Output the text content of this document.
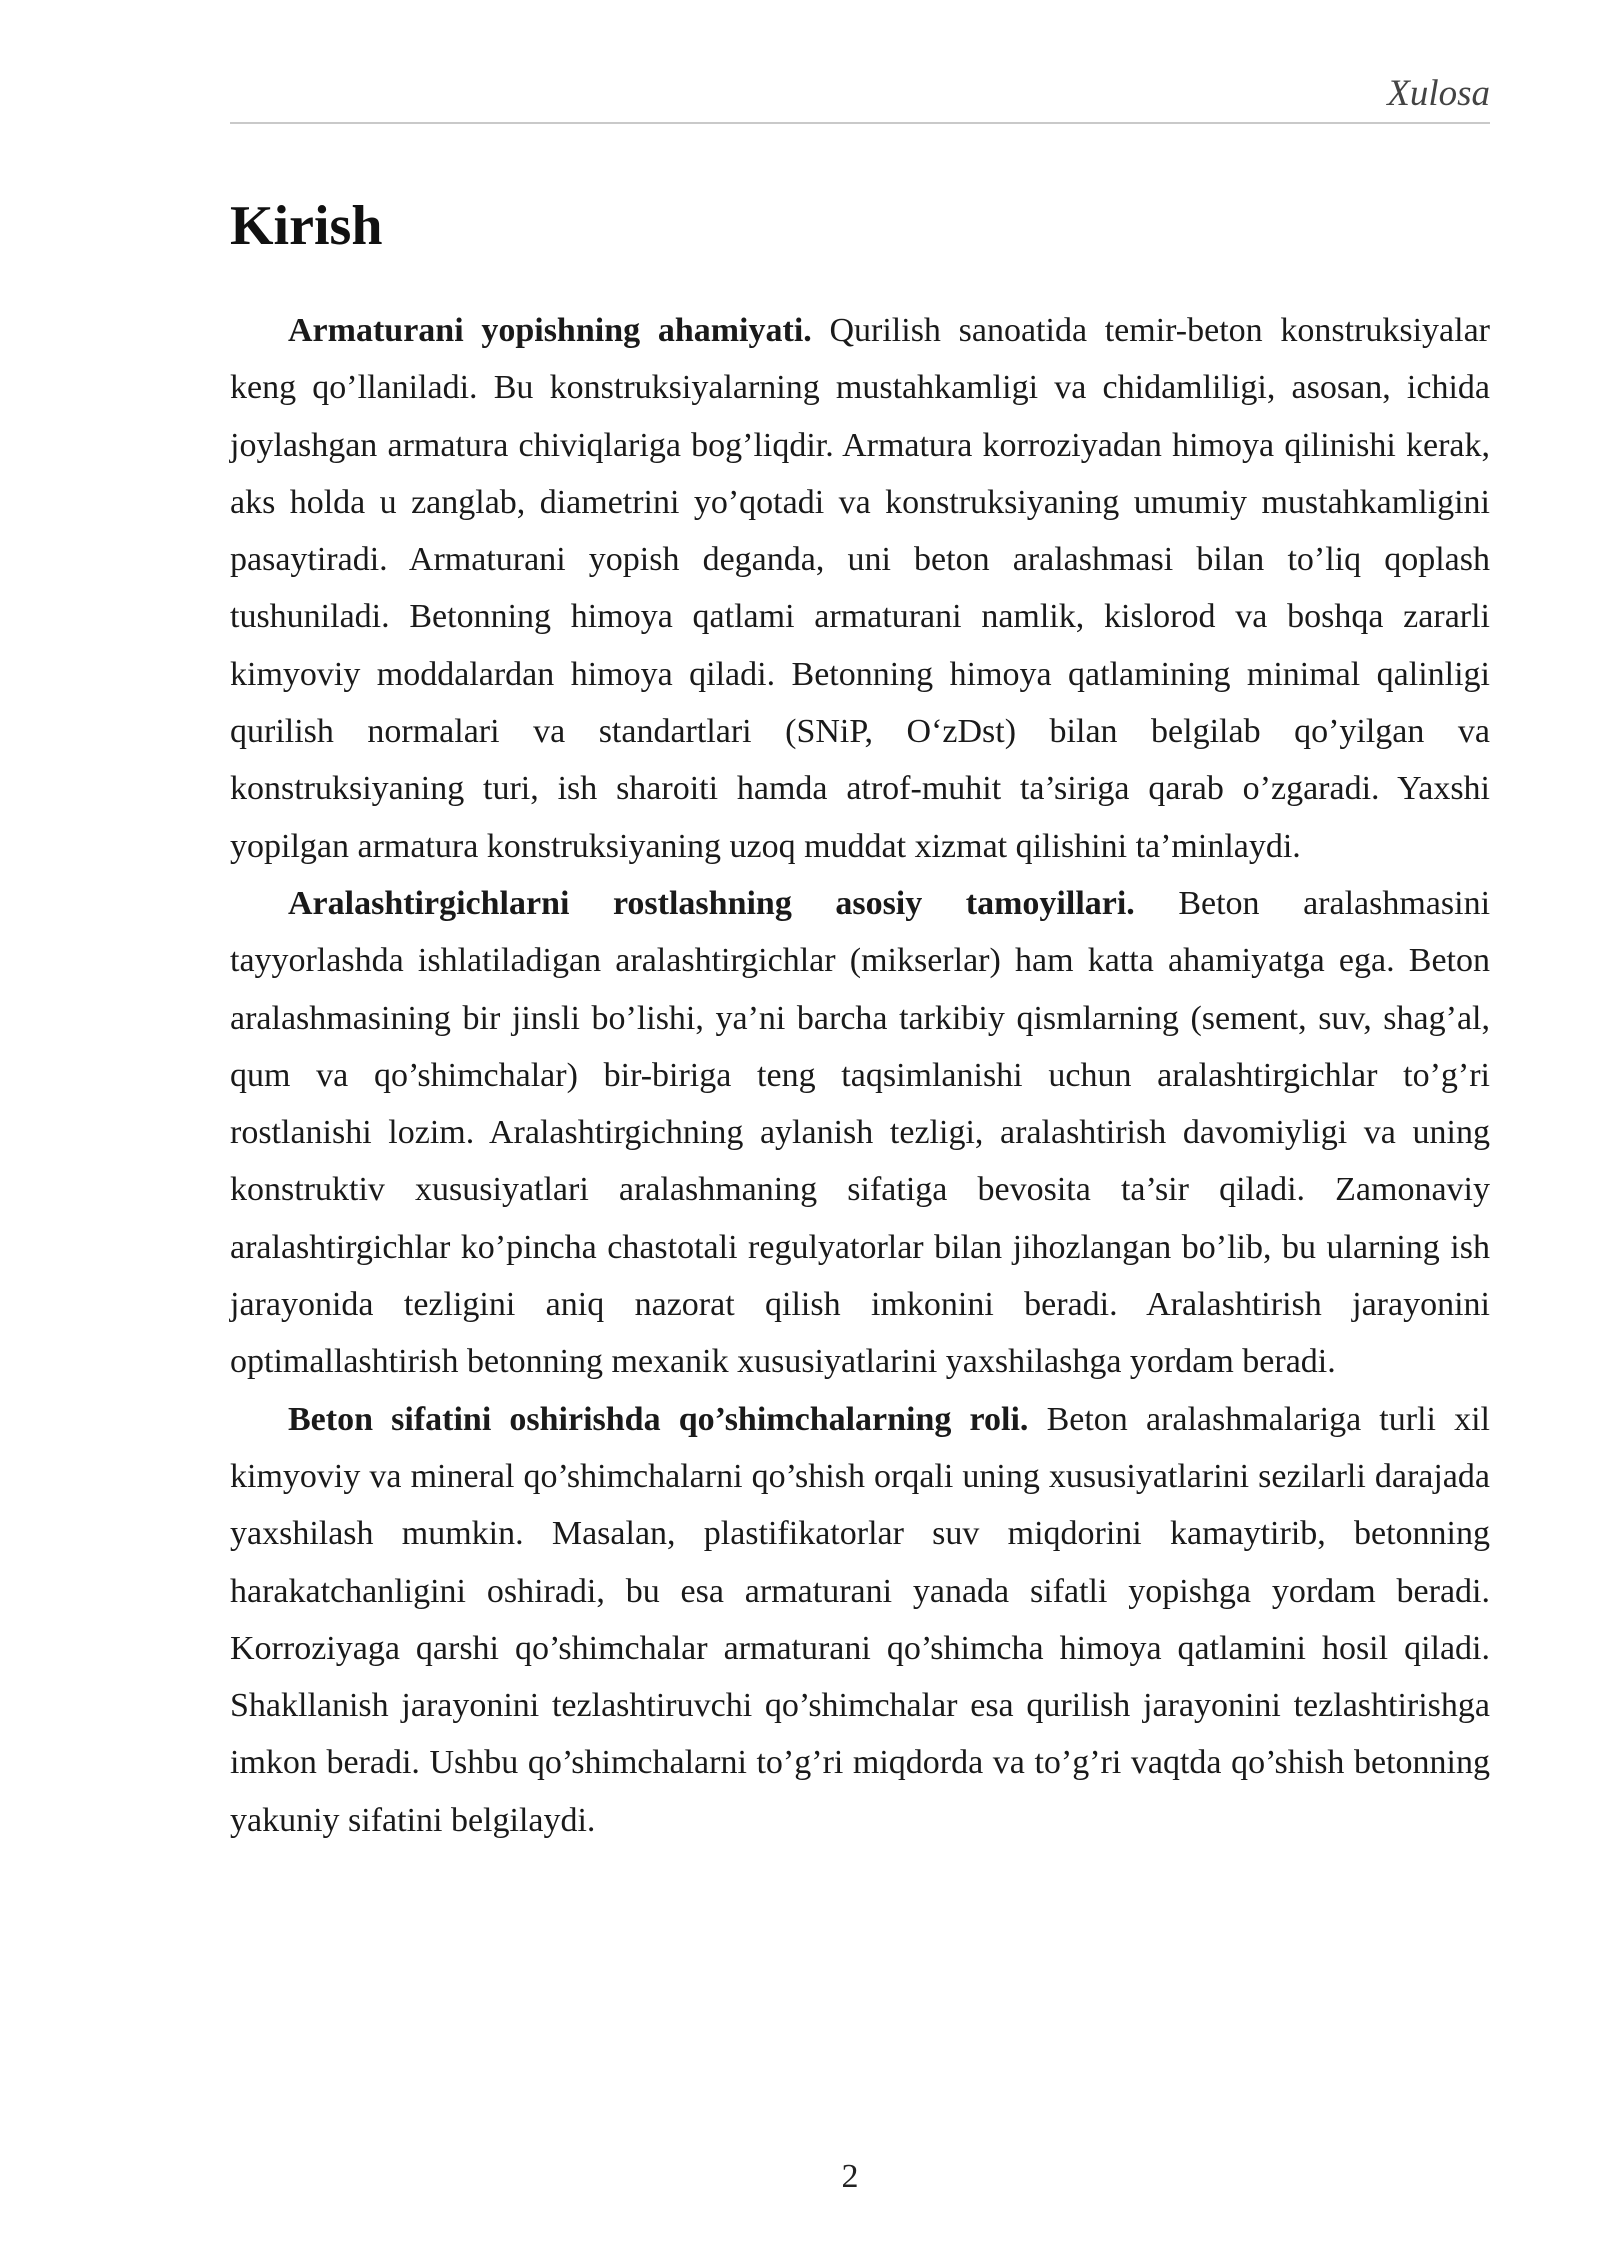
Xulosa
Kirish

Armaturani yopishning ahamiyati. Qurilish sanoatida temir-beton konstruksiyalar keng qo’llaniladi. Bu konstruksiyalarning mustahkamligi va chidamliligi, asosan, ichida joylashgan armatura chiviqlariga bog’liqdir. Armatura korroziyadan himoya qilinishi kerak, aks holda u zanglab, diametrini yo’qotadi va konstruksiyaning umumiy mustahkamligini pasaytiradi. Armaturani yopish deganda, uni beton aralashmasi bilan to’liq qoplash tushuniladi. Betonning himoya qatlami armaturani namlik, kislorod va boshqa zararli kimyoviy moddalardan himoya qiladi. Betonning himoya qatlamining minimal qalinligi qurilish normalari va standartlari (SNiP, O‘zDst) bilan belgilab qo’yilgan va konstruksiyaning turi, ish sharoiti hamda atrof-muhit ta’siriga qarab o’zgaradi. Yaxshi yopilgan armatura konstruksiyaning uzoq muddat xizmat qilishini ta’minlaydi.

Aralashtirgichlarni rostlashning asosiy tamoyillari. Beton aralashmasini tayyorlashda ishlatiladigan aralashtirgichlar (mikserlar) ham katta ahamiyatga ega. Beton aralashmasining bir jinsli bo’lishi, ya’ni barcha tarkibiy qismlarning (sement, suv, shag’al, qum va qo’shimchalar) bir-biriga teng taqsimlanishi uchun aralashtirgichlar to’g’ri rostlanishi lozim. Aralashtirgichning aylanish tezligi, aralashtirish davomiyligi va uning konstruktiv xususiyatlari aralashmaning sifatiga bevosita ta’sir qiladi. Zamonaviy aralashtirgichlar ko’pincha chastotali regulyatorlar bilan jihozlangan bo’lib, bu ularning ish jarayonida tezligini aniq nazorat qilish imkonini beradi. Aralashtirish jarayonini optimallashtirish betonning mexanik xususiyatlarini yaxshilashga yordam beradi.

Beton sifatini oshirishda qo’shimchalarning roli. Beton aralashmalariga turli xil kimyoviy va mineral qo’shimchalarni qo’shish orqali uning xususiyatlarini sezilarli darajada yaxshilash mumkin. Masalan, plastifikatorlar suv miqdorini kamaytirib, betonning harakatchanligini oshiradi, bu esa armaturani yanada sifatli yopishga yordam beradi. Korroziyaga qarshi qo’shimchalar armaturani qo’shimcha himoya qatlamini hosil qiladi. Shakllanish jarayonini tezlashtiruvchi qo’shimchalar esa qurilish jarayonini tezlashtirishga imkon beradi. Ushbu qo’shimchalarni to’g’ri miqdorda va to’g’ri vaqtda qo’shish betonning yakuniy sifatini belgilaydi.

2
